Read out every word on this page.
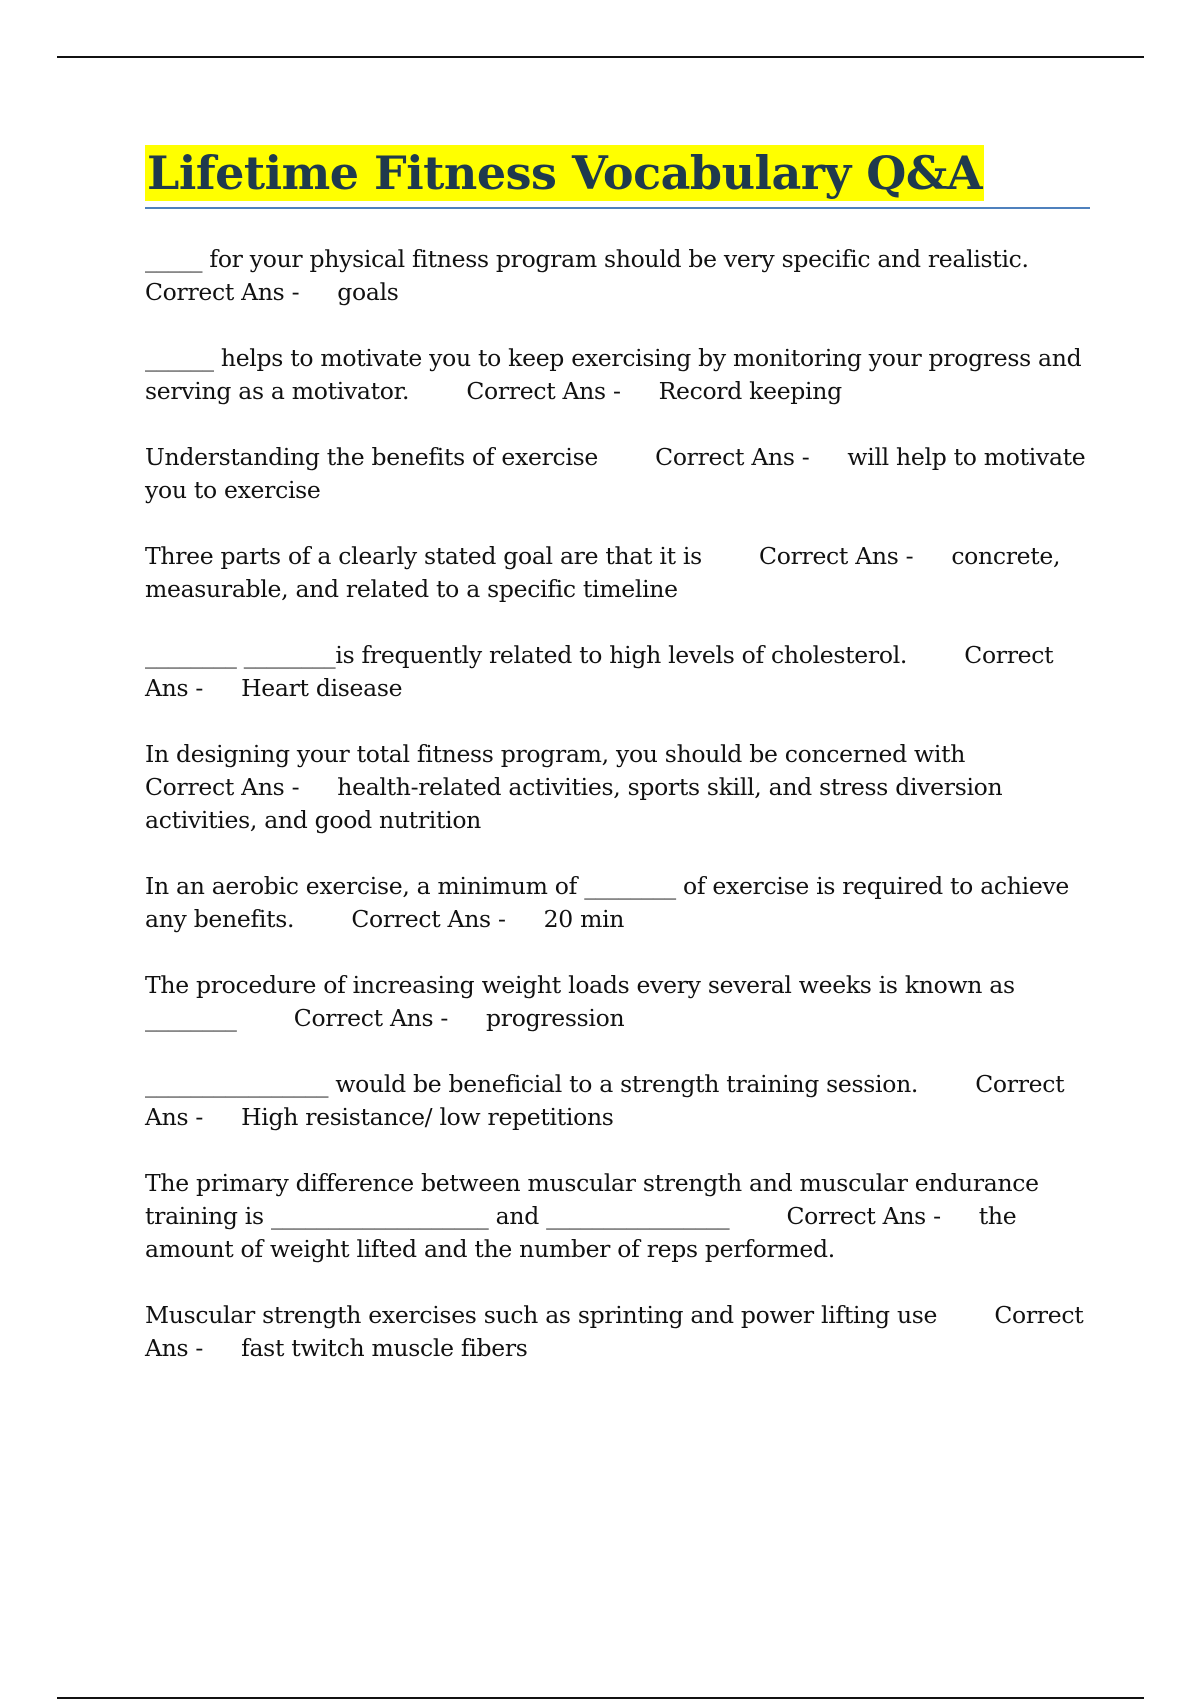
Lifetime Fitness Vocabulary Q&A

_____ for your physical fitness program should be very specific and realistic. Correct Ans - goals

______ helps to motivate you to keep exercising by monitoring your progress and serving as a motivator. Correct Ans - Record keeping

Understanding the benefits of exercise Correct Ans - will help to motivate you to exercise

Three parts of a clearly stated goal are that it is Correct Ans - concrete, measurable, and related to a specific timeline

________ ________is frequently related to high levels of cholesterol. Correct Ans - Heart disease

In designing your total fitness program, you should be concerned with Correct Ans - health-related activities, sports skill, and stress diversion activities, and good nutrition

In an aerobic exercise, a minimum of ________ of exercise is required to achieve any benefits. Correct Ans - 20 min

The procedure of increasing weight loads every several weeks is known as ________ Correct Ans - progression

________________ would be beneficial to a strength training session. Correct Ans - High resistance/ low repetitions

The primary difference between muscular strength and muscular endurance training is ___________________ and ________________ Correct Ans - the amount of weight lifted and the number of reps performed.

Muscular strength exercises such as sprinting and power lifting use Correct Ans - fast twitch muscle fibers
